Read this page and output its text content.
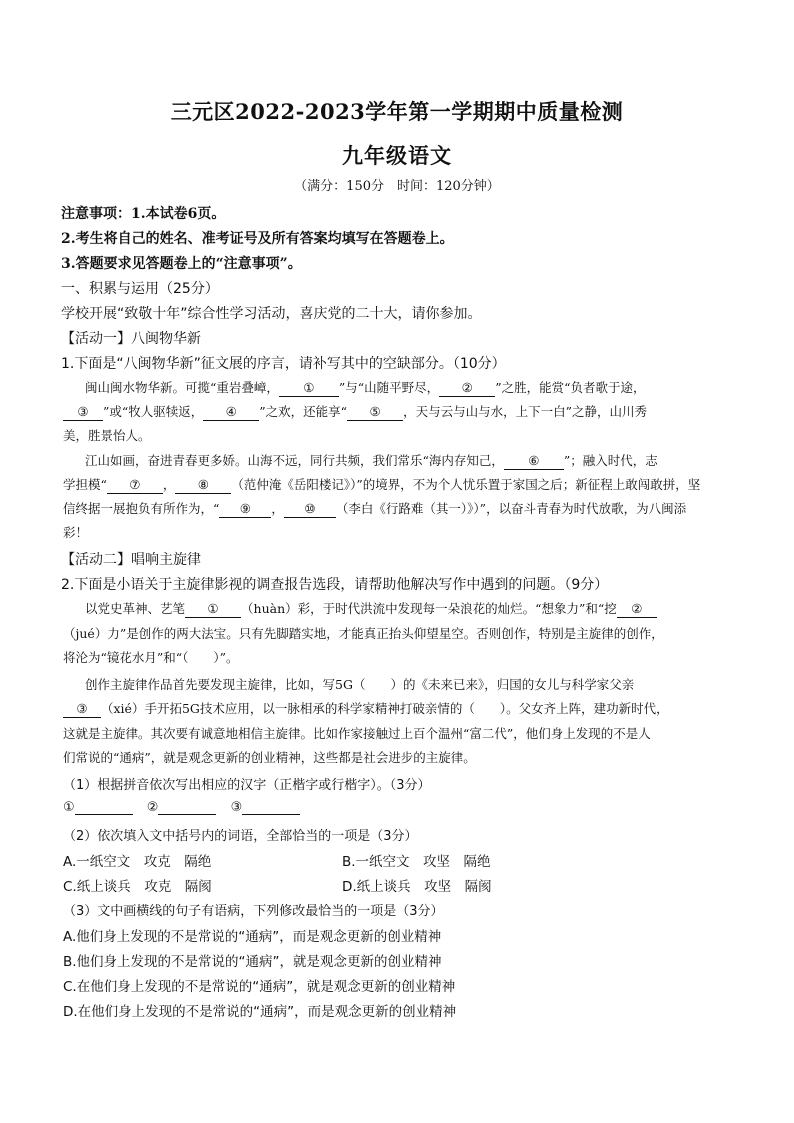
三元区2022-2023学年第一学期期中质量检测
九年级语文
（满分：150分　时间：120分钟）
注意事项：1.本试卷6页。
2.考生将自己的姓名、准考证号及所有答案均填写在答题卷上。
3.答题要求见答题卷上的“注意事项”。
一、积累与运用（25分）
学校开展“致敬十年”综合性学习活动，喜庆党的二十大，请你参加。
【活动一】八闽物华新
1.下面是“八闽物华新”征文展的序言，请补写其中的空缺部分。（10分）
闽山闽水物华新。可揽“重岩叠嶂， ① ”与“山随平野尽， ② ”之胜，能赏“负者歌于途，
③ ”或“牧人驱犊返， ④ ”之欢，还能享“ ⑤ ，天与云与山与水，上下一白”之静，山川秀
美，胜景怡人。
江山如画，奋进青春更多娇。山海不远，同行共频，我们常乐“海内存知己， ⑥ ”；融入时代，志
学担模“ ⑦ ， ⑧ （范仲淹《岳阳楼记》）”的境界，不为个人忧乐置于家国之后；新征程上敢闯敢拼，坚
信终据一展抱负有所作为，“ ⑨ ， ⑩ （李白《行路难（其一）》）”，以奋斗青春为时代放歌，为八闽添
彩！
【活动二】唱响主旋律
2.下面是小语关于主旋律影视的调查报告选段，请帮助他解决写作中遇到的问题。（9分）
以党史革神、艺笔 ① （huàn）彩，于时代洪流中发现每一朵浪花的灿烂。“想象力”和“挖 ②
（jué）力”是创作的两大法宝。只有先脚踏实地，才能真正抬头仰望星空。否则创作，特别是主旋律的创作，
将沦为“镜花水月”和“（　　）”。
创作主旋律作品首先要发现主旋律，比如，写5G（　　）的《未来已来》，归国的女儿与科学家父亲
③ （xié）手开拓5G技术应用，以一脉相承的科学家精神打破亲情的（　　）。父女齐上阵，建功新时代，
这就是主旋律。其次要有诚意地相信主旋律。比如作家接触过上百个温州“富二代”，他们身上发现的不是人
们常说的“通病”，就是观念更新的创业精神，这些都是社会进步的主旋律。
（1）根据拼音依次写出相应的汉字（正楷字或行楷字）。（3分）
①	②	③
（2）依次填入文中括号内的词语，全部恰当的一项是（3分）
A.一纸空文　攻克　隔绝	B.一纸空文　攻坚　隔绝
C.纸上谈兵　攻克　隔阂	D.纸上谈兵　攻坚　隔阂
（3）文中画横线的句子有语病，下列修改最恰当的一项是（3分）
A.他们身上发现的不是常说的“通病”，而是观念更新的创业精神
B.他们身上发现的不是常说的“通病”，就是观念更新的创业精神
C.在他们身上发现的不是常说的“通病”，就是观念更新的创业精神
D.在他们身上发现的不是常说的“通病”，而是观念更新的创业精神
